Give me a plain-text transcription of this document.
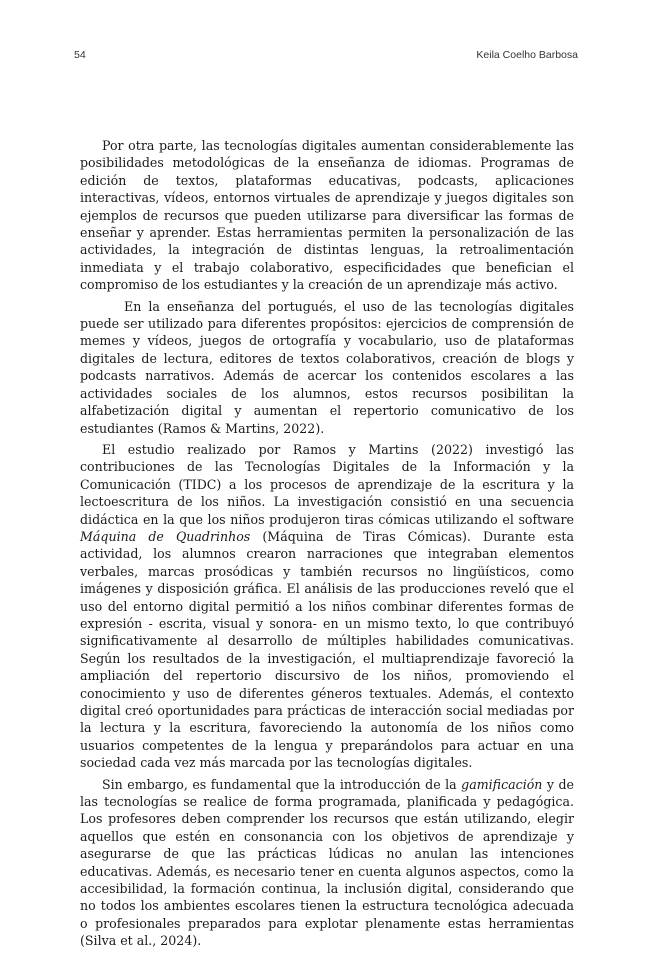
54	Keila Coelho Barbosa

Por otra parte, las tecnologías digitales aumentan considerablemente las posibilidades metodológicas de la enseñanza de idiomas. Programas de edición de textos, plataformas educativas, podcasts, aplicaciones interactivas, vídeos, entornos virtuales de aprendizaje y juegos digitales son ejemplos de recursos que pueden utilizarse para diversificar las formas de enseñar y aprender. Estas herramientas permiten la personalización de las actividades, la integración de distintas lenguas, la retroalimentación inmediata y el trabajo colaborativo, especificidades que benefician el compromiso de los estudiantes y la creación de un aprendizaje más activo.

En la enseñanza del portugués, el uso de las tecnologías digitales puede ser utilizado para diferentes propósitos: ejercicios de comprensión de memes y vídeos, juegos de ortografía y vocabulario, uso de plataformas digitales de lectura, editores de textos colaborativos, creación de blogs y podcasts narrativos. Además de acercar los contenidos escolares a las actividades sociales de los alumnos, estos recursos posibilitan la alfabetización digital y aumentan el repertorio comunicativo de los estudiantes (Ramos & Martins, 2022).

El estudio realizado por Ramos y Martins (2022) investigó las contribuciones de las Tecnologías Digitales de la Información y la Comunicación (TIDC) a los procesos de aprendizaje de la escritura y la lectoescritura de los niños. La investigación consistió en una secuencia didáctica en la que los niños produjeron tiras cómicas utilizando el software Máquina de Quadrinhos (Máquina de Tiras Cómicas). Durante esta actividad, los alumnos crearon narraciones que integraban elementos verbales, marcas prosódicas y también recursos no lingüísticos, como imágenes y disposición gráfica. El análisis de las producciones reveló que el uso del entorno digital permitió a los niños combinar diferentes formas de expresión - escrita, visual y sonora- en un mismo texto, lo que contribuyó significativamente al desarrollo de múltiples habilidades comunicativas. Según los resultados de la investigación, el multiaprendizaje favoreció la ampliación del repertorio discursivo de los niños, promoviendo el conocimiento y uso de diferentes géneros textuales. Además, el contexto digital creó oportunidades para prácticas de interacción social mediadas por la lectura y la escritura, favoreciendo la autonomía de los niños como usuarios competentes de la lengua y preparándolos para actuar en una sociedad cada vez más marcada por las tecnologías digitales.

Sin embargo, es fundamental que la introducción de la gamificación y de las tecnologías se realice de forma programada, planificada y pedagógica. Los profesores deben comprender los recursos que están utilizando, elegir aquellos que estén en consonancia con los objetivos de aprendizaje y asegurarse de que las prácticas lúdicas no anulan las intenciones educativas. Además, es necesario tener en cuenta algunos aspectos, como la accesibilidad, la formación continua, la inclusión digital, considerando que no todos los ambientes escolares tienen la estructura tecnológica adecuada o profesionales preparados para explotar plenamente estas herramientas (Silva et al., 2024).
